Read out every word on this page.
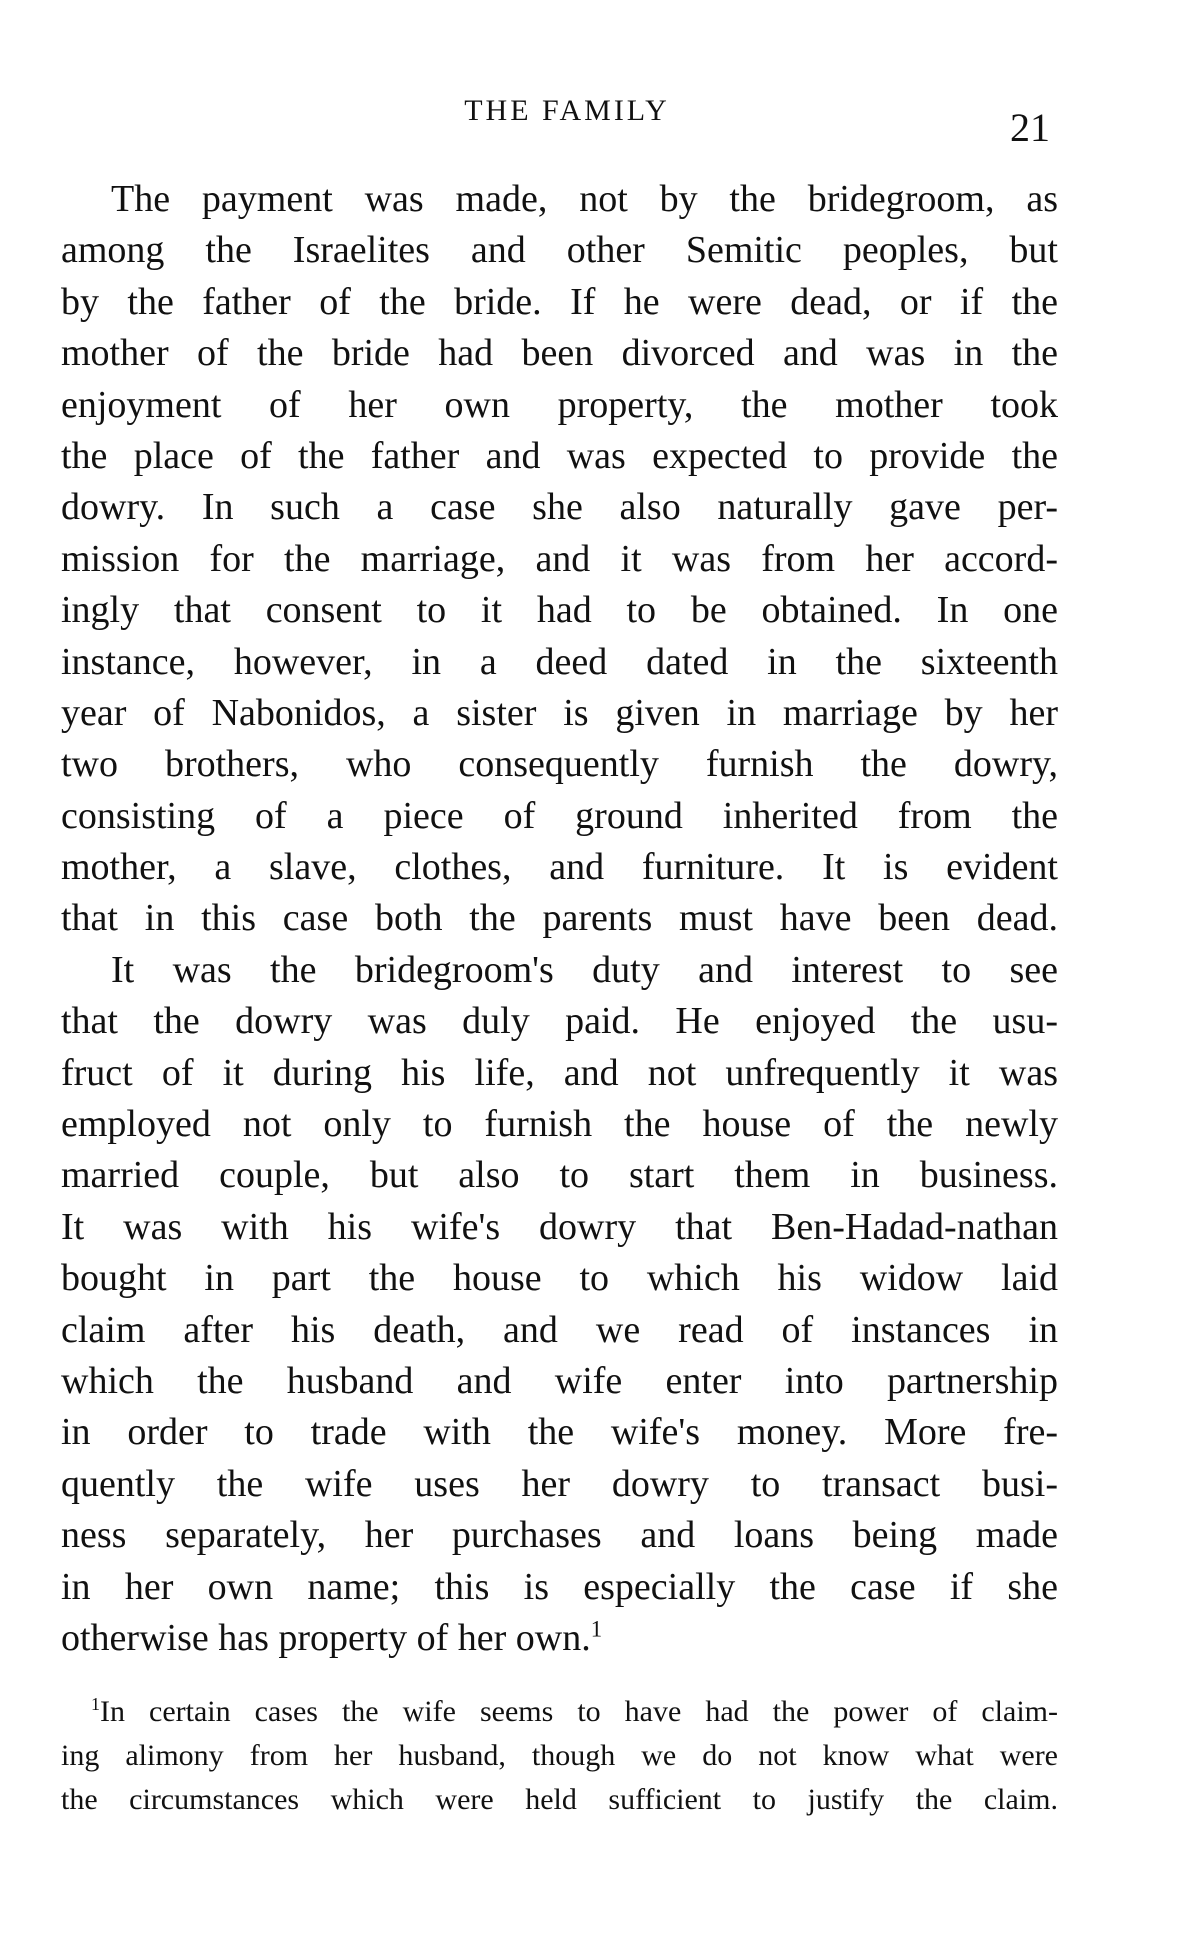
THE FAMILY	21
The payment was made, not by the bridegroom, as
among the Israelites and other Semitic peoples, but
by the father of the bride. If he were dead, or if the
mother of the bride had been divorced and was in the
enjoyment of her own property, the mother took
the place of the father and was expected to provide the
dowry. In such a case she also naturally gave per-
mission for the marriage, and it was from her accord-
ingly that consent to it had to be obtained. In one
instance, however, in a deed dated in the sixteenth
year of Nabonidos, a sister is given in marriage by her
two brothers, who consequently furnish the dowry,
consisting of a piece of ground inherited from the
mother, a slave, clothes, and furniture. It is evident
that in this case both the parents must have been dead.
It was the bridegroom's duty and interest to see
that the dowry was duly paid. He enjoyed the usu-
fruct of it during his life, and not unfrequently it was
employed not only to furnish the house of the newly
married couple, but also to start them in business.
It was with his wife's dowry that Ben-Hadad-nathan
bought in part the house to which his widow laid
claim after his death, and we read of instances in
which the husband and wife enter into partnership
in order to trade with the wife's money. More fre-
quently the wife uses her dowry to transact busi-
ness separately, her purchases and loans being made
in her own name; this is especially the case if she
otherwise has property of her own.$^1$
$^1$In certain cases the wife seems to have had the power of claim-
ing alimony from her husband, though we do not know what were
the circumstances which were held sufficient to justify the claim.
